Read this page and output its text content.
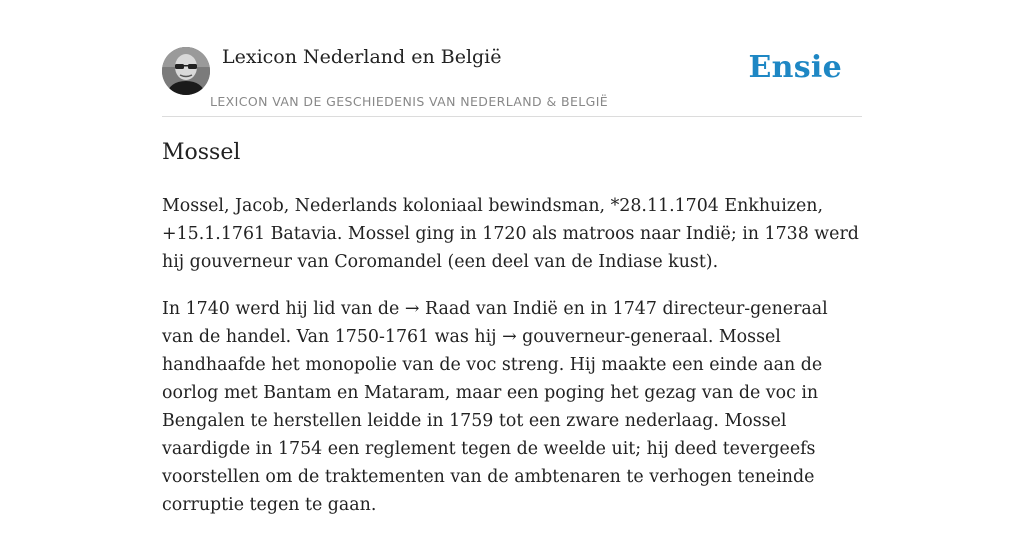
Lexicon Nederland en België
LEXICON VAN DE GESCHIEDENIS VAN NEDERLAND & BELGIË
Ensie
Mossel

Mossel, Jacob, Nederlands koloniaal bewindsman, *28.11.1704 Enkhuizen, +15.1.1761 Batavia. Mossel ging in 1720 als matroos naar Indië; in 1738 werd hij gouverneur van Coromandel (een deel van de Indiase kust).

In 1740 werd hij lid van de → Raad van Indië en in 1747 directeur-generaal van de handel. Van 1750-1761 was hij → gouverneur-generaal. Mossel handhaafde het monopolie van de voc streng. Hij maakte een einde aan de oorlog met Bantam en Mataram, maar een poging het gezag van de voc in Bengalen te herstellen leidde in 1759 tot een zware nederlaag. Mossel vaardigde in 1754 een reglement tegen de weelde uit; hij deed tevergeefs voorstellen om de traktementen van de ambtenaren te verhogen teneinde corruptie tegen te gaan.
